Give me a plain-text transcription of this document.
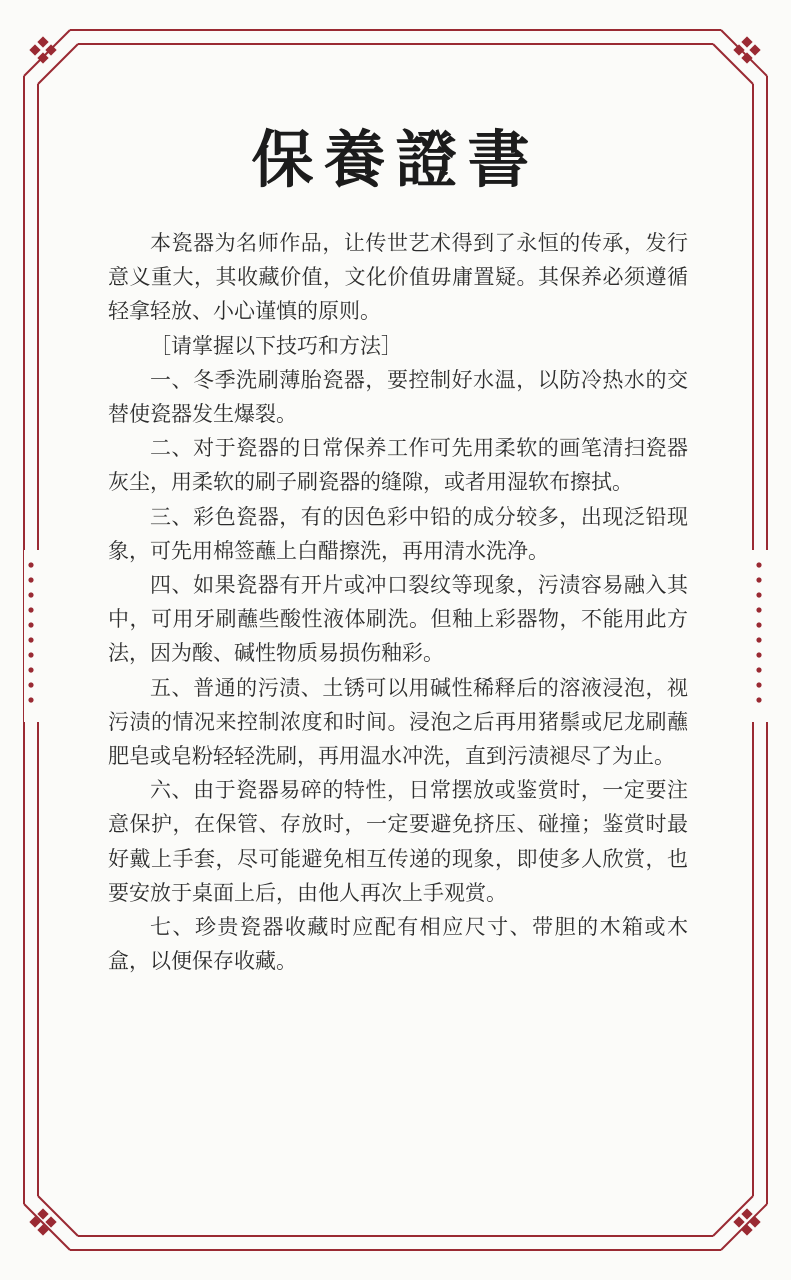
保養證書

本瓷器为名师作品，让传世艺术得到了永恒的传承，发行意义重大，其收藏价值，文化价值毋庸置疑。其保养必须遵循轻拿轻放、小心谨慎的原则。

［请掌握以下技巧和方法］

一、冬季洗刷薄胎瓷器，要控制好水温，以防冷热水的交替使瓷器发生爆裂。

二、对于瓷器的日常保养工作可先用柔软的画笔清扫瓷器灰尘，用柔软的刷子刷瓷器的缝隙，或者用湿软布擦拭。

三、彩色瓷器，有的因色彩中铅的成分较多，出现泛铅现象，可先用棉签蘸上白醋擦洗，再用清水洗净。

四、如果瓷器有开片或冲口裂纹等现象，污渍容易融入其中，可用牙刷蘸些酸性液体刷洗。但釉上彩器物，不能用此方法，因为酸、碱性物质易损伤釉彩。

五、普通的污渍、土锈可以用碱性稀释后的溶液浸泡，视污渍的情况来控制浓度和时间。浸泡之后再用猪鬃或尼龙刷蘸肥皂或皂粉轻轻洗刷，再用温水冲洗，直到污渍褪尽了为止。

六、由于瓷器易碎的特性，日常摆放或鉴赏时，一定要注意保护，在保管、存放时，一定要避免挤压、碰撞；鉴赏时最好戴上手套，尽可能避免相互传递的现象，即使多人欣赏，也要安放于桌面上后，由他人再次上手观赏。

七、珍贵瓷器收藏时应配有相应尺寸、带胆的木箱或木盒，以便保存收藏。
